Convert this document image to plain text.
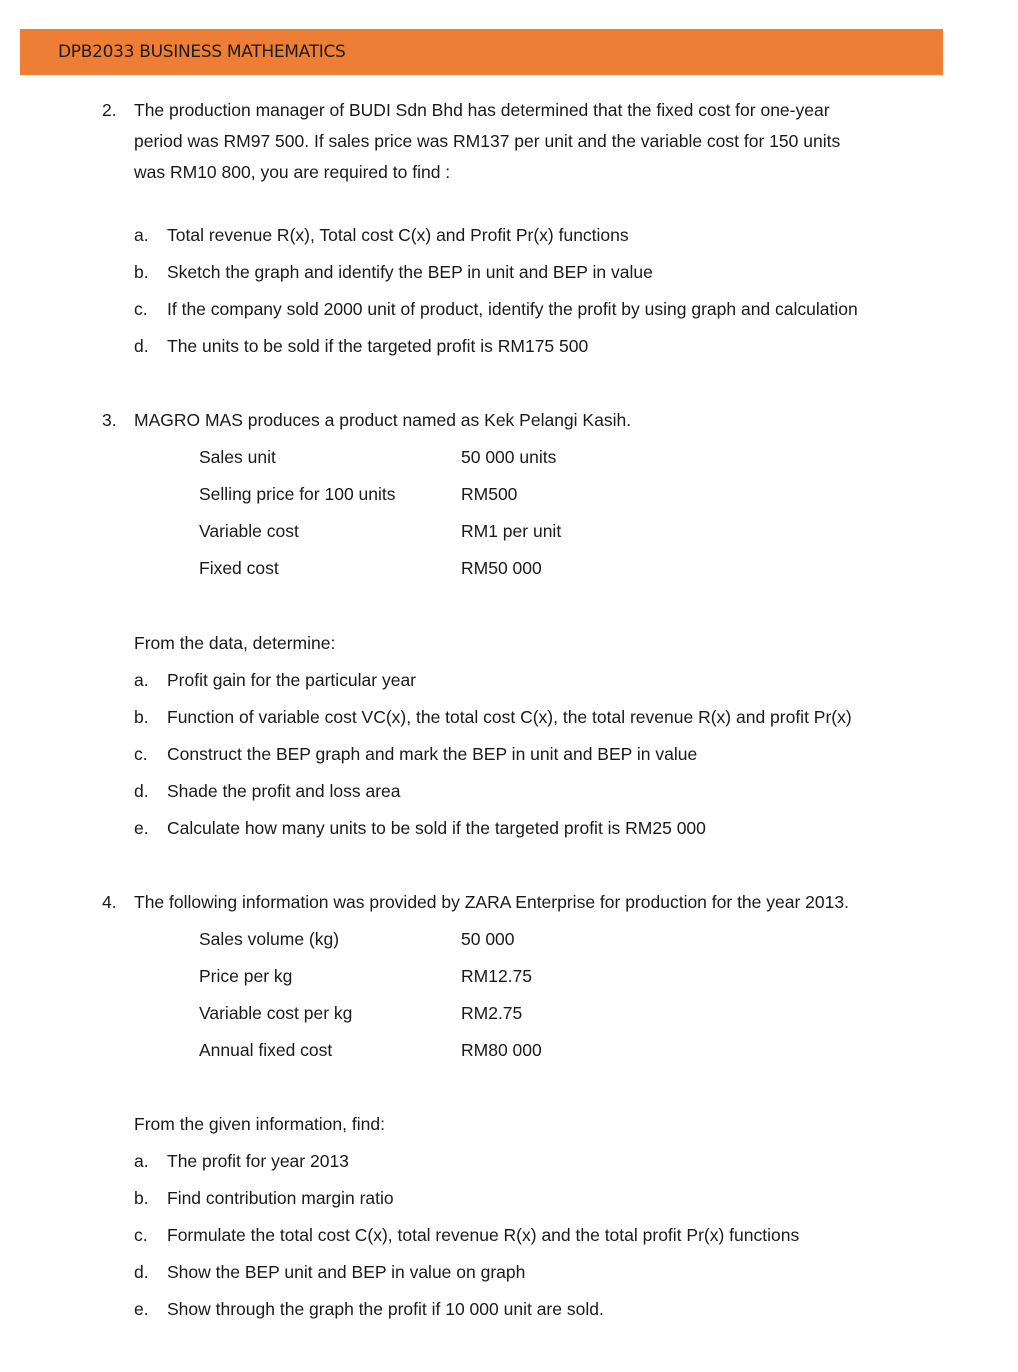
DPB2033 BUSINESS MATHEMATICS
2. The production manager of BUDI Sdn Bhd has determined that the fixed cost for one-year
period was RM97 500. If sales price was RM137 per unit and the variable cost for 150 units
was RM10 800, you are required to find :
a. Total revenue R(x), Total cost C(x) and Profit Pr(x) functions
b. Sketch the graph and identify the BEP in unit and BEP in value
c. If the company sold 2000 unit of product, identify the profit by using graph and calculation
d. The units to be sold if the targeted profit is RM175 500
3. MAGRO MAS produces a product named as Kek Pelangi Kasih.
Sales unit	50 000 units
Selling price for 100 units	RM500
Variable cost	RM1 per unit
Fixed cost	RM50 000
From the data, determine:
a. Profit gain for the particular year
b. Function of variable cost VC(x), the total cost C(x), the total revenue R(x) and profit Pr(x)
c. Construct the BEP graph and mark the BEP in unit and BEP in value
d. Shade the profit and loss area
e. Calculate how many units to be sold if the targeted profit is RM25 000
4. The following information was provided by ZARA Enterprise for production for the year 2013.
Sales volume (kg)	50 000
Price per kg	RM12.75
Variable cost per kg	RM2.75
Annual fixed cost	RM80 000
From the given information, find:
a. The profit for year 2013
b. Find contribution margin ratio
c. Formulate the total cost C(x), total revenue R(x) and the total profit Pr(x) functions
d. Show the BEP unit and BEP in value on graph
e. Show through the graph the profit if 10 000 unit are sold.
